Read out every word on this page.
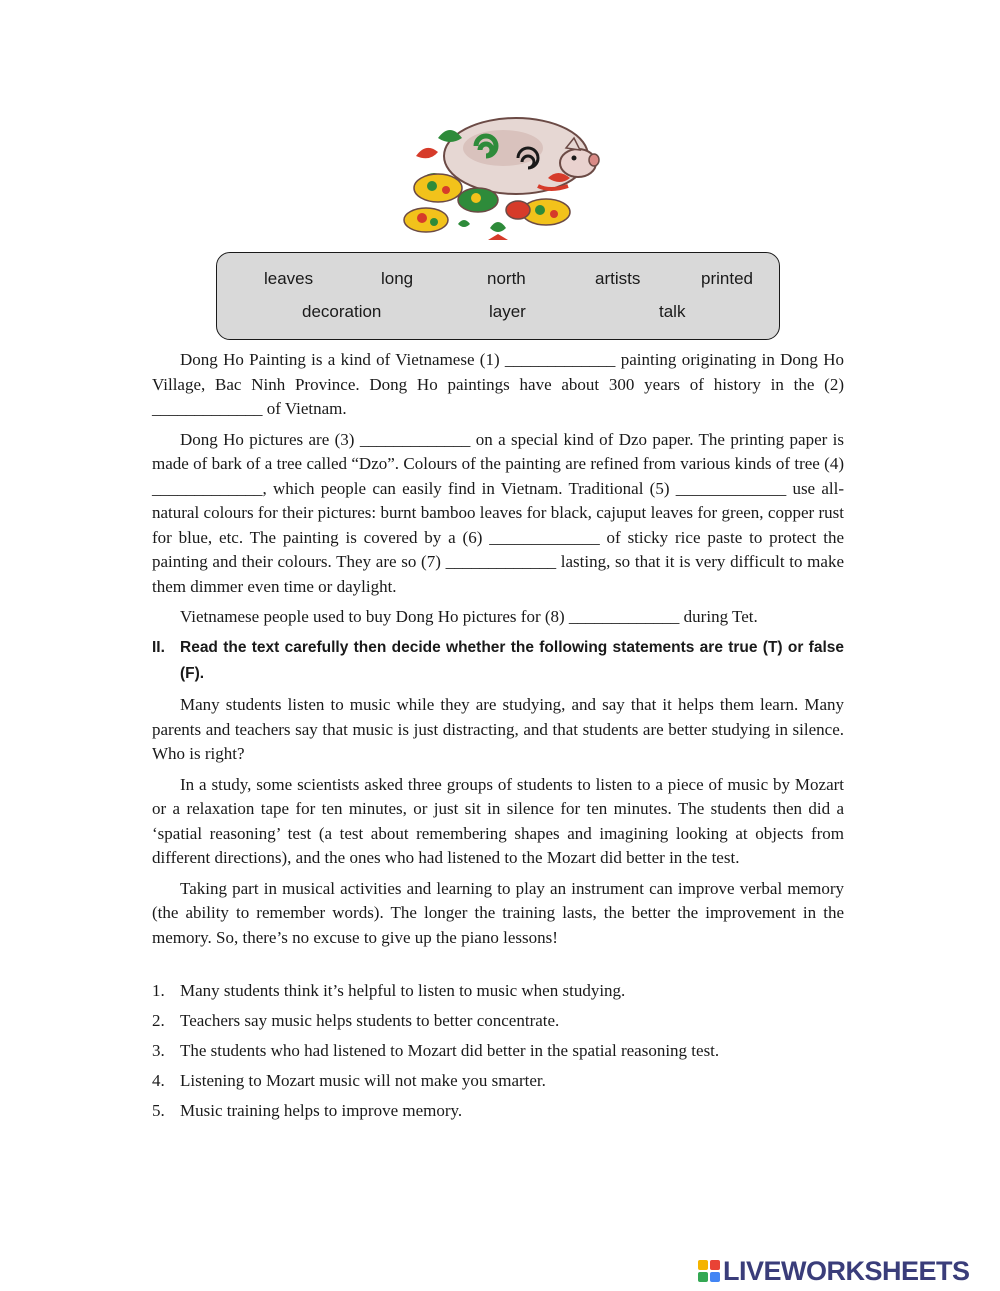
leaves	long	north	artists	printed
decoration	layer	talk

Dong Ho Painting is a kind of Vietnamese (1) _____________ painting originating in Dong Ho Village, Bac Ninh Province. Dong Ho paintings have about 300 years of history in the (2) _____________ of Vietnam.

Dong Ho pictures are (3) _____________ on a special kind of Dzo paper. The printing paper is made of bark of a tree called “Dzo”. Colours of the painting are refined from various kinds of tree (4) _____________, which people can easily find in Vietnam. Traditional (5) _____________ use all-natural colours for their pictures: burnt bamboo leaves for black, cajuput leaves for green, copper rust for blue, etc. The painting is covered by a (6) _____________ of sticky rice paste to protect the painting and their colours. They are so (7) _____________ lasting, so that it is very difficult to make them dimmer even time or daylight.

Vietnamese people used to buy Dong Ho pictures for (8) _____________ during Tet.

II. Read the text carefully then decide whether the following statements are true (T) or false (F).

Many students listen to music while they are studying, and say that it helps them learn. Many parents and teachers say that music is just distracting, and that students are better studying in silence. Who is right?

In a study, some scientists asked three groups of students to listen to a piece of music by Mozart or a relaxation tape for ten minutes, or just sit in silence for ten minutes. The students then did a ‘spatial reasoning’ test (a test about remembering shapes and imagining looking at objects from different directions), and the ones who had listened to the Mozart did better in the test.

Taking part in musical activities and learning to play an instrument can improve verbal memory (the ability to remember words). The longer the training lasts, the better the improvement in the memory. So, there’s no excuse to give up the piano lessons!

1. Many students think it’s helpful to listen to music when studying.
2. Teachers say music helps students to better concentrate.
3. The students who had listened to Mozart did better in the spatial reasoning test.
4. Listening to Mozart music will not make you smarter.
5. Music training helps to improve memory.
LIVEWORKSHEETS
